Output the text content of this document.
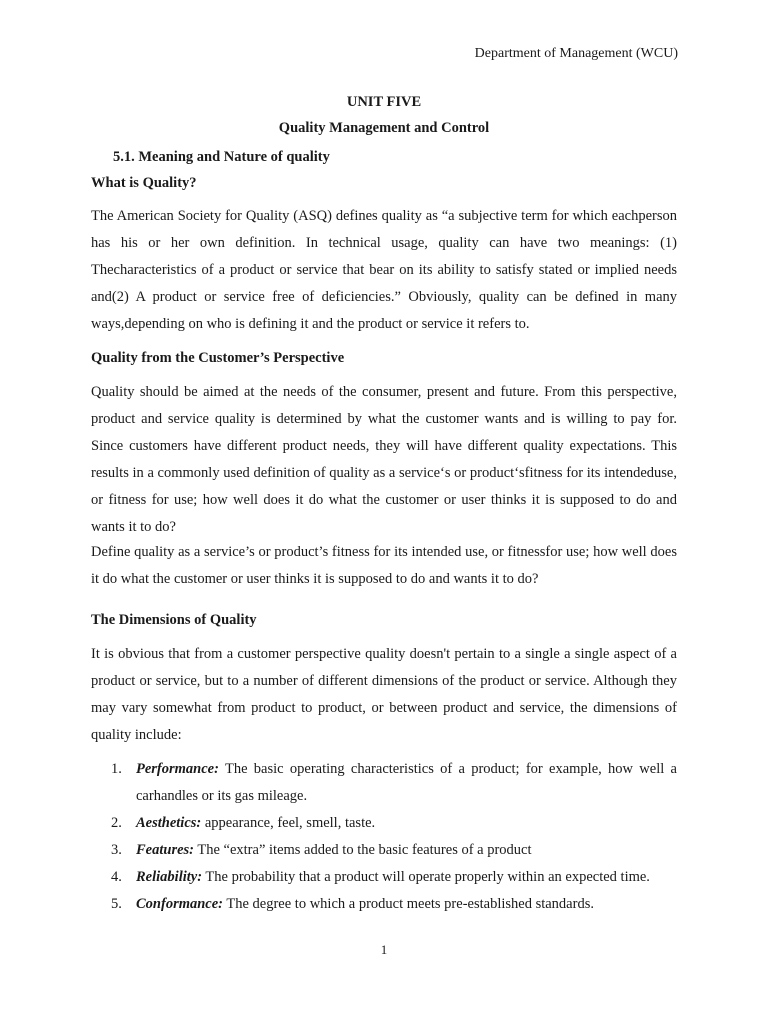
Department of Management (WCU)
UNIT FIVE
Quality Management and Control
5.1. Meaning and Nature of quality
What is Quality?
The American Society for Quality (ASQ) defines quality as “a subjective term for which eachperson has his or her own definition. In technical usage, quality can have two meanings: (1) Thecharacteristics of a product or service that bear on its ability to satisfy stated or implied needs and(2) A product or service free of deficiencies.” Obviously, quality can be defined in many ways,depending on who is defining it and the product or service it refers to.
Quality from the Customer’s Perspective
Quality should be aimed at the needs of the consumer, present and future. From this perspective, product and service quality is determined by what the customer wants and is willing to pay for. Since customers have different product needs, they will have different quality expectations. This results in a commonly used definition of quality as a service‘s or product‘sfitness for its intendeduse, or fitness for use; how well does it do what the customer or user thinks it is supposed to do and wants it to do?
Define quality as a service’s or product’s fitness for its intended use, or fitnessfor use; how well does it do what the customer or user thinks it is supposed to do and wants it to do?
The Dimensions of Quality
It is obvious that from a customer perspective quality doesn't pertain to a single a single aspect of a product or service, but to a number of different dimensions of the product or service. Although they may vary somewhat from product to product, or between product and service, the dimensions of quality include:
1. Performance: The basic operating characteristics of a product; for example, how well a carhandles or its gas mileage.
2. Aesthetics: appearance, feel, smell, taste.
3. Features: The “extra” items added to the basic features of a product
4. Reliability: The probability that a product will operate properly within an expected time.
5. Conformance: The degree to which a product meets pre-established standards.
1
